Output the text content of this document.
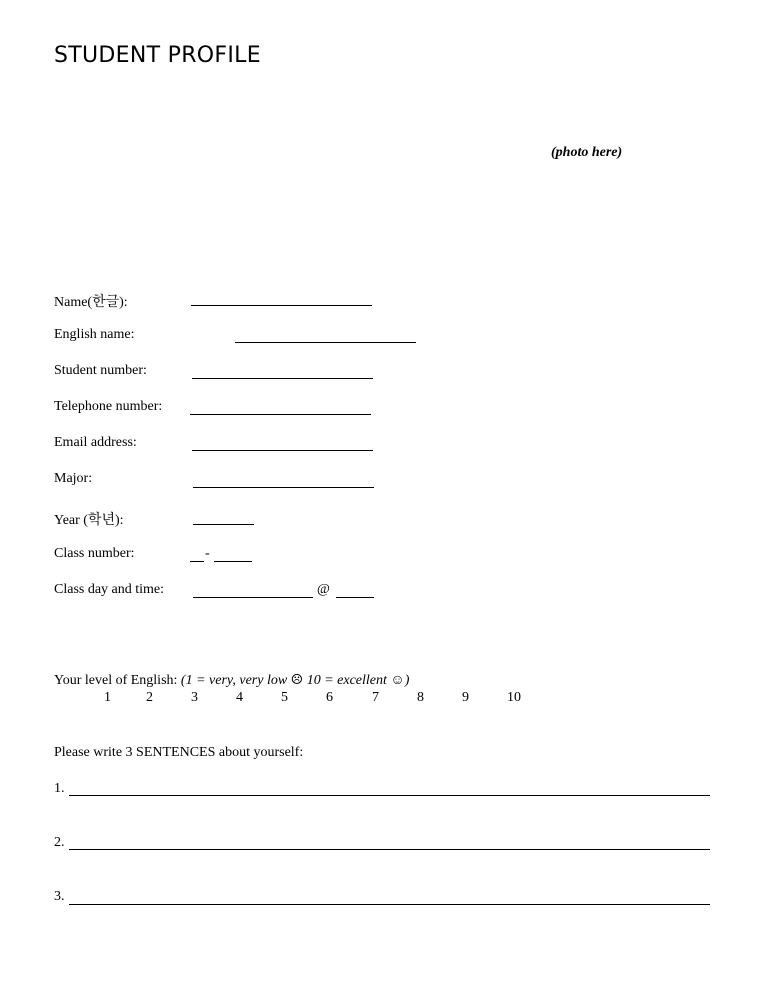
STUDENT PROFILE
(photo here)
Name(한글):
English name:
Student number:
Telephone number:
Email address:
Major:
Year (학년):
Class number:	-
Class day and time:	@
Your level of English: (1 = very, very low ☹ 10 = excellent ☺)
1	2	3	4	5	6	7	8	9	10
Please write 3 SENTENCES about yourself:
1.
2.
3.
